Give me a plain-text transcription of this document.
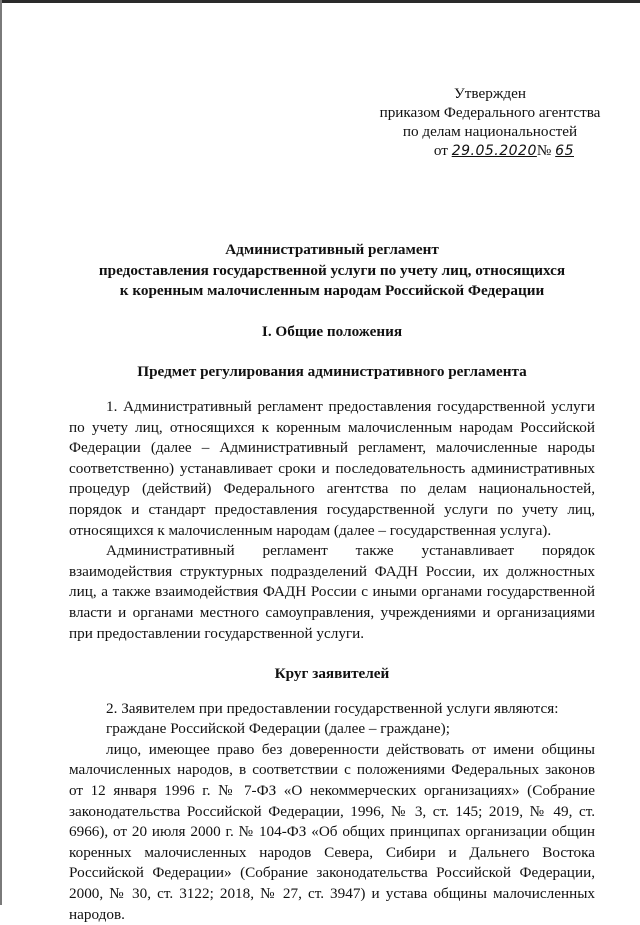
Утвержден
приказом Федерального агентства
по делам национальностей
от 29.05.2020№ 65
Административный регламент
предоставления государственной услуги по учету лиц, относящихся
к коренным малочисленным народам Российской Федерации
I. Общие положения
Предмет регулирования административного регламента
1. Административный регламент предоставления государственной услуги по учету лиц, относящихся к коренным малочисленным народам Российской Федерации (далее – Административный регламент, малочисленные народы соответственно) устанавливает сроки и последовательность административных процедур (действий) Федерального агентства по делам национальностей, порядок и стандарт предоставления государственной услуги по учету лиц, относящихся к малочисленным народам (далее – государственная услуга).
Административный регламент также устанавливает порядок взаимодействия структурных подразделений ФАДН России, их должностных лиц, а также взаимодействия ФАДН России с иными органами государственной власти и органами местного самоуправления, учреждениями и организациями при предоставлении государственной услуги.
Круг заявителей
2. Заявителем при предоставлении государственной услуги являются:
граждане Российской Федерации (далее – граждане);
лицо, имеющее право без доверенности действовать от имени общины малочисленных народов, в соответствии с положениями Федеральных законов от 12 января 1996 г. № 7-ФЗ «О некоммерческих организациях» (Собрание законодательства Российской Федерации, 1996, № 3, ст. 145; 2019, № 49, ст. 6966), от 20 июля 2000 г. № 104-ФЗ «Об общих принципах организации общин коренных малочисленных народов Севера, Сибири и Дальнего Востока Российской Федерации» (Собрание законодательства Российской Федерации, 2000, № 30, ст. 3122; 2018, № 27, ст. 3947) и устава общины малочисленных народов.
